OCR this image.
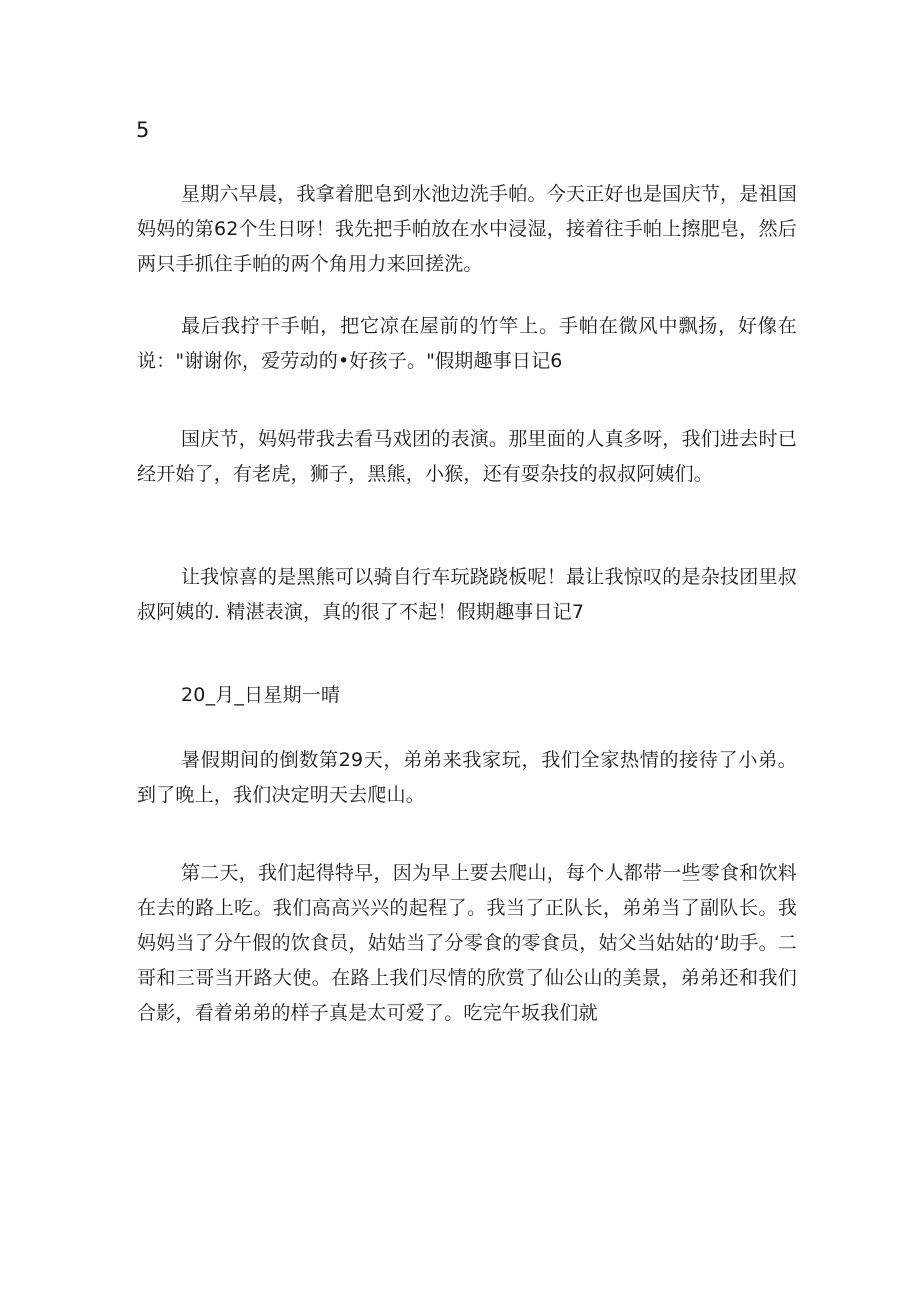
5

星期六早晨，我拿着肥皂到水池边洗手帕。今天正好也是国庆节，是祖国妈妈的第62个生日呀！我先把手帕放在水中浸湿，接着往手帕上擦肥皂，然后两只手抓住手帕的两个角用力来回搓洗。

最后我拧干手帕，把它凉在屋前的竹竿上。手帕在微风中飘扬，好像在说："谢谢你，爱劳动的•好孩子。"假期趣事日记6

国庆节，妈妈带我去看马戏团的表演。那里面的人真多呀，我们进去时已经开始了，有老虎，狮子，黑熊，小猴，还有耍杂技的叔叔阿姨们。

让我惊喜的是黑熊可以骑自行车玩跷跷板呢！最让我惊叹的是杂技团里叔叔阿姨的. 精湛表演，真的很了不起！假期趣事日记7

20_月_日星期一晴

暑假期间的倒数第29天，弟弟来我家玩，我们全家热情的接待了小弟。到了晚上，我们决定明天去爬山。

第二天，我们起得特早，因为早上要去爬山，每个人都带一些零食和饮料在去的路上吃。我们高高兴兴的起程了。我当了正队长，弟弟当了副队长。我妈妈当了分午假的饮食员，姑姑当了分零食的零食员，姑父当姑姑的‘助手。二哥和三哥当开路大使。在路上我们尽情的欣赏了仙公山的美景，弟弟还和我们合影，看着弟弟的样子真是太可爱了。吃完午坂我们就
